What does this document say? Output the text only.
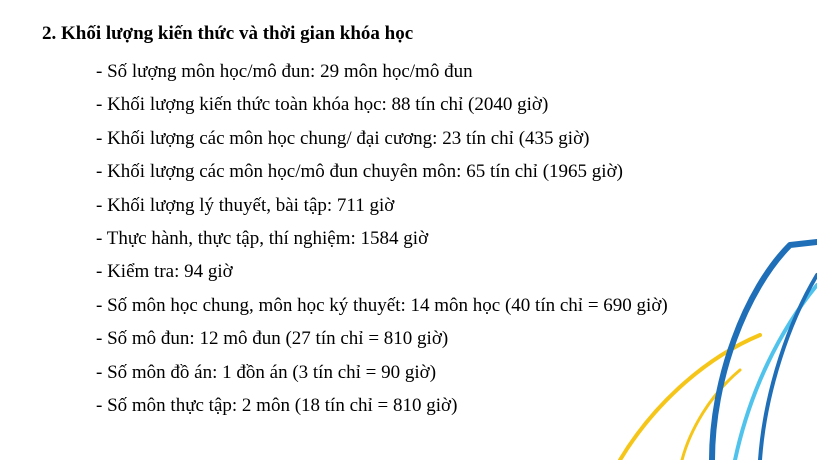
2. Khối lượng kiến thức và thời gian khóa học
- Số lượng môn học/mô đun: 29 môn học/mô đun
- Khối lượng kiến thức toàn khóa học: 88 tín chỉ (2040 giờ)
- Khối lượng các môn học chung/ đại cương: 23 tín chỉ (435 giờ)
- Khối lượng các môn học/mô đun chuyên môn: 65 tín chỉ (1965 giờ)
- Khối lượng lý thuyết, bài tập: 711 giờ
- Thực hành, thực tập, thí nghiệm: 1584 giờ
- Kiểm tra: 94 giờ
- Số môn học chung, môn học ký thuyết: 14 môn học (40 tín chỉ = 690 giờ)
- Số mô đun: 12 mô đun (27 tín chỉ = 810 giờ)
- Số môn đồ án: 1 đồn án (3 tín chỉ = 90 giờ)
- Số môn thực tập: 2 môn (18 tín chỉ = 810 giờ)
